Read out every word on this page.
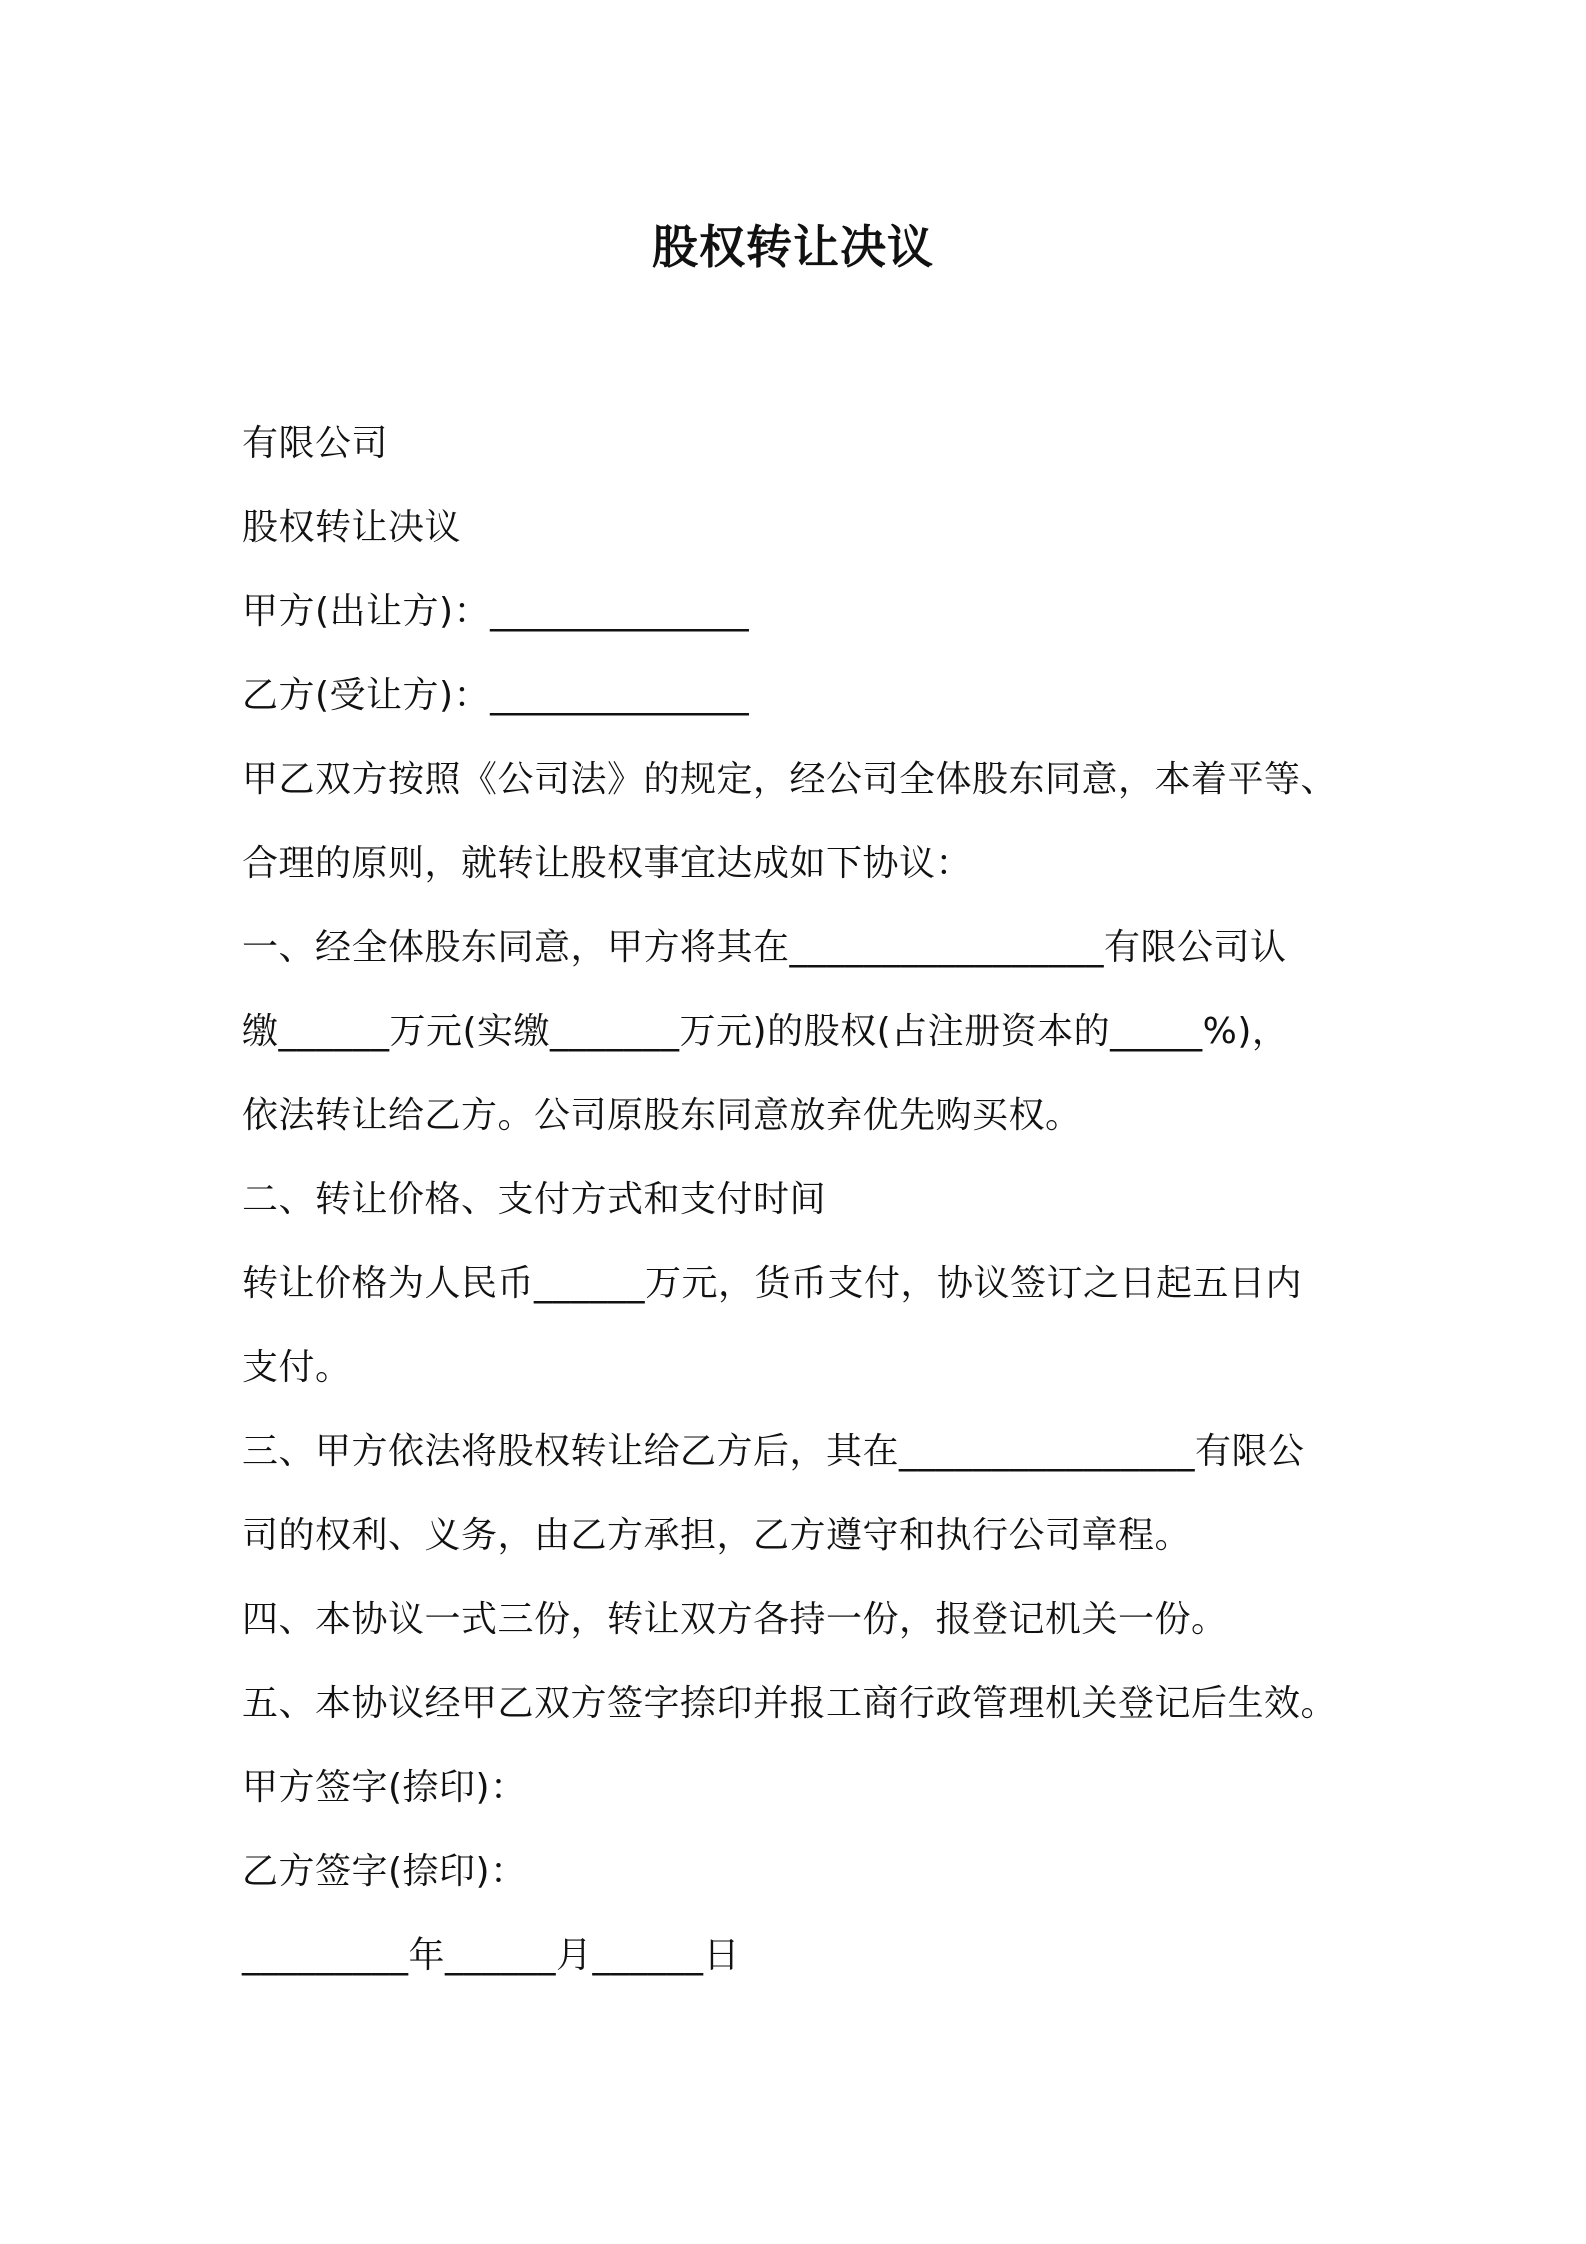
股权转让决议
有限公司
股权转让决议
甲方(出让方)：______________
乙方(受让方)：______________
甲乙双方按照《公司法》的规定，经公司全体股东同意，本着平等、
合理的原则，就转让股权事宜达成如下协议：
一、经全体股东同意，甲方将其在_________________有限公司认
缴______万元(实缴_______万元)的股权(占注册资本的_____%)，
依法转让给乙方。公司原股东同意放弃优先购买权。
二、转让价格、支付方式和支付时间
转让价格为人民币______万元，货币支付，协议签订之日起五日内
支付。
三、甲方依法将股权转让给乙方后，其在________________有限公
司的权利、义务，由乙方承担，乙方遵守和执行公司章程。
四、本协议一式三份，转让双方各持一份，报登记机关一份。
五、本协议经甲乙双方签字捺印并报工商行政管理机关登记后生效。
甲方签字(捺印)：
乙方签字(捺印)：
_________年______月______日
